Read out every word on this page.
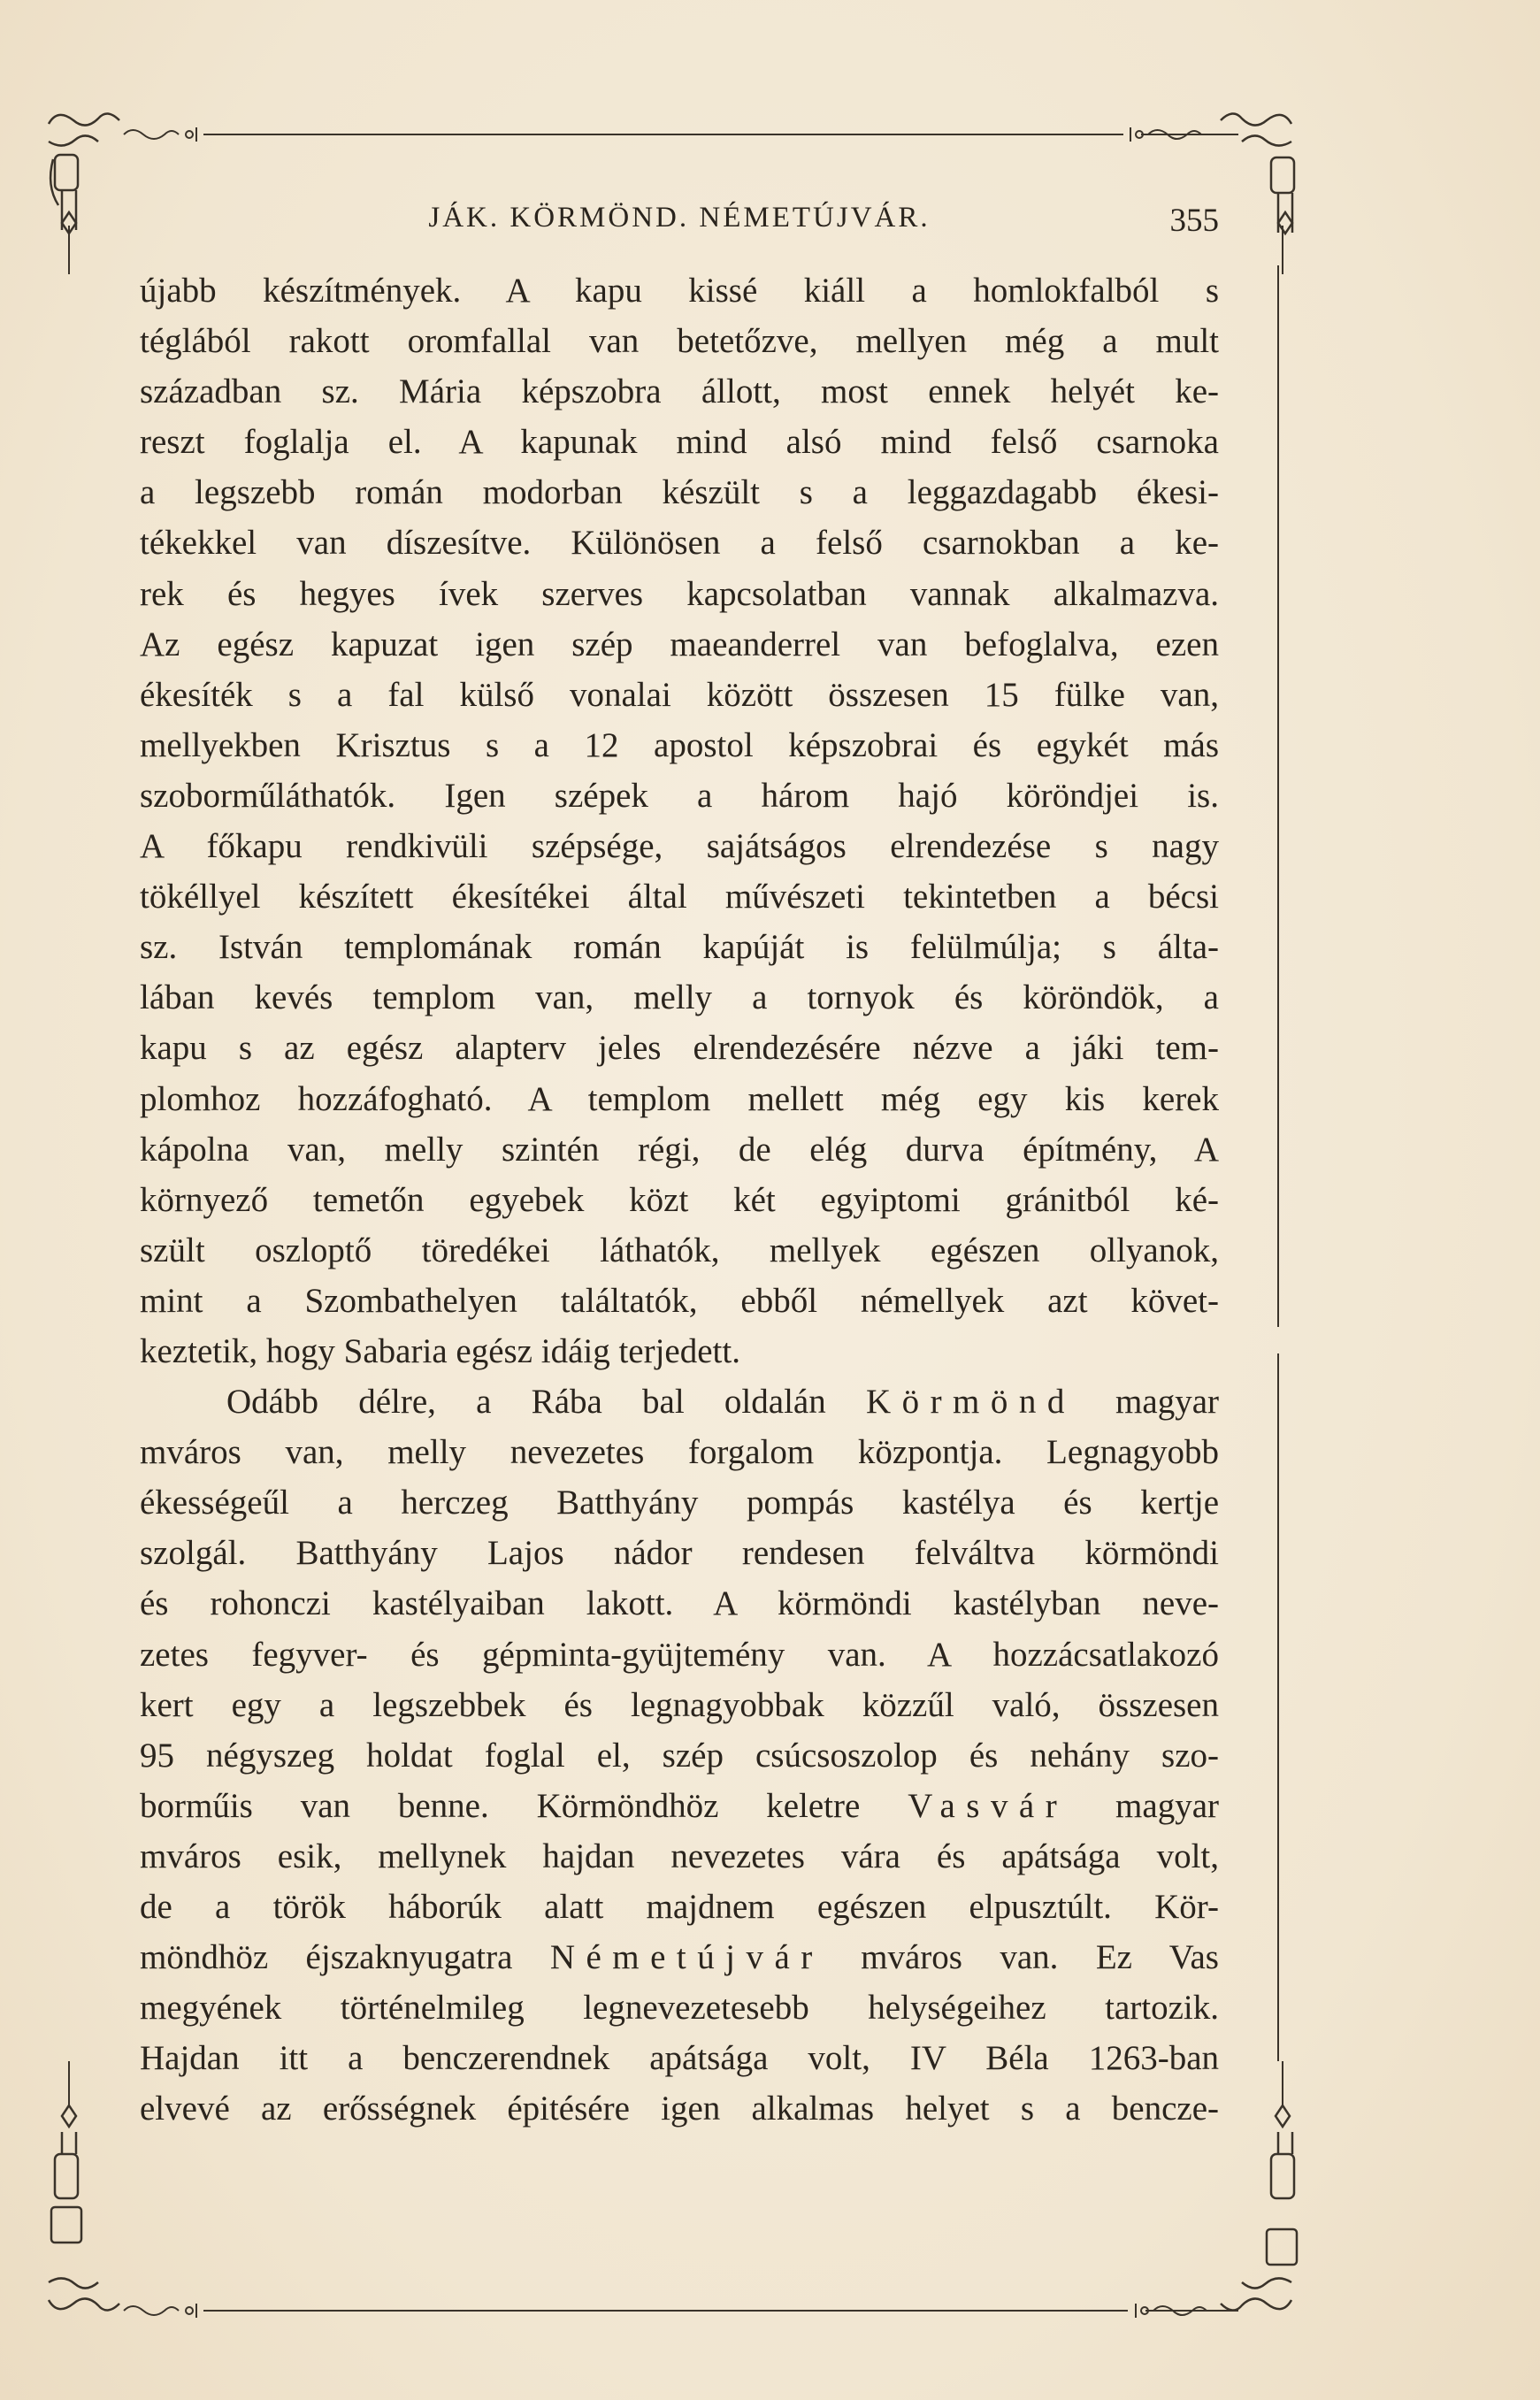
JÁK. KÖRMÖND. NÉMETÚJVÁR.	355
újabb készítmények. A kapu kissé kiáll a homlokfalból s
téglából rakott oromfallal van betetőzve, mellyen még a mult
században sz. Mária képszobra állott, most ennek helyét ke-
reszt foglalja el. A kapunak mind alsó mind felső csarnoka
a legszebb román modorban készült s a leggazdagabb ékesi-
tékekkel van díszesítve. Különösen a felső csarnokban a ke-
rek és hegyes ívek szerves kapcsolatban vannak alkalmazva.
Az egész kapuzat igen szép maeanderrel van befoglalva, ezen
ékesíték s a fal külső vonalai között összesen 15 fülke van,
mellyekben Krisztus s a 12 apostol képszobrai és egykét más
szoborműláthatók. Igen szépek a három hajó köröndjei is.
A főkapu rendkivüli szépsége, sajátságos elrendezése s nagy
tökéllyel készített ékesítékei által művészeti tekintetben a bécsi
sz. István templomának román kapúját is felülmúlja; s álta-
lában kevés templom van, melly a tornyok és köröndök, a
kapu s az egész alapterv jeles elrendezésére nézve a jáki tem-
plomhoz hozzáfogható. A templom mellett még egy kis kerek
kápolna van, melly szintén régi, de elég durva építmény, A
környező temetőn egyebek közt két egyiptomi gránitból ké-
szült oszloptő töredékei láthatók, mellyek egészen ollyanok,
mint a Szombathelyen találtatók, ebből némellyek azt követ-
keztetik, hogy Sabaria egész idáig terjedett.
Odább délre, a Rába bal oldalán Körmönd magyar
mváros van, melly nevezetes forgalom központja. Legnagyobb
ékességeűl a herczeg Batthyány pompás kastélya és kertje
szolgál. Batthyány Lajos nádor rendesen felváltva körmöndi
és rohonczi kastélyaiban lakott. A körmöndi kastélyban neve-
zetes fegyver- és gépminta-gyüjtemény van. A hozzácsatlakozó
kert egy a legszebbek és legnagyobbak közzűl való, összesen
95 négyszeg holdat foglal el, szép csúcsoszolop és nehány szo-
borműis van benne. Körmöndhöz keletre Vasvár magyar
mváros esik, mellynek hajdan nevezetes vára és apátsága volt,
de a török háborúk alatt majdnem egészen elpusztúlt. Kör-
möndhöz éjszaknyugatra Németújvár mváros van. Ez Vas
megyének történelmileg legnevezetesebb helységeihez tartozik.
Hajdan itt a benczerendnek apátsága volt, IV Béla 1263-ban
elvevé az erősségnek épitésére igen alkalmas helyet s a bencze-
